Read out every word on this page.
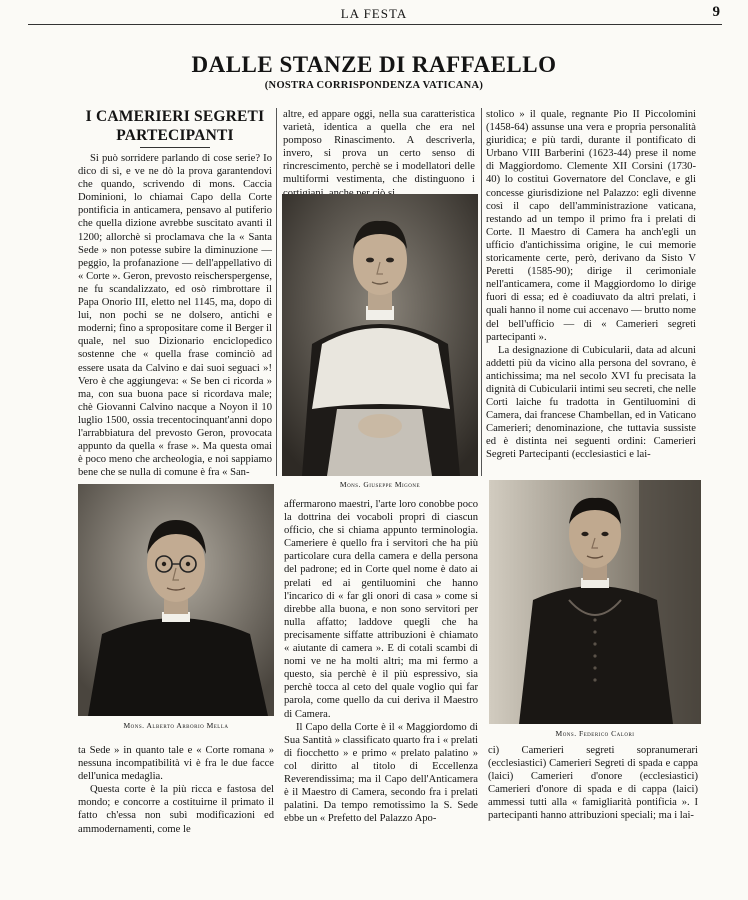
LA FESTA	9
DALLE STANZE DI RAFFAELLO
(NOSTRA CORRISPONDENZA VATICANA)
I CAMERIERI SEGRETI PARTECIPANTI

Si può sorridere parlando di cose serie? Io dico di sì, e ve ne dò la prova garantendovi che quando, scrivendo di mons. Caccia Dominioni, lo chiamai Capo della Corte pontificia in anticamera, pensavo al putiferio che quella dizione avrebbe suscitato avanti il 1200; allorchè si proclamava che la « Santa Sede » non potesse subire la diminuzione — peggio, la profanazione — dell'appellativo di « Corte ». Geron, prevosto reischerspergense, ne fu scandalizzato, ed osò rimbrottare il Papa Onorio III, eletto nel 1145, ma, dopo di lui, non pochi se ne dolsero, antichi e moderni; fino a spropositare come il Berger il quale, nel suo Dizionario enciclopedico sostenne che « quella frase cominciò ad essere usata da Calvino e dai suoi seguaci »! Vero è che aggiungeva: « Se ben ci ricorda » ma, con sua buona pace si ricordava male; chè Giovanni Calvino nacque a Noyon il 10 luglio 1500, ossia trecentocinquant'anni dopo l'arrabbiatura del prevosto Geron, provocata appunto da quella « frase ». Ma questa omai è poco meno che archeologia, e noi sappiamo bene che se nulla di comune è fra « San-

altre, ed appare oggi, nella sua caratteristica varietà, identica a quella che era nel pomposo Rinascimento. A descriverla, invero, si prova un certo senso di rincrescimento, perchè se i modellatori delle multiformi vestimenta, che distinguono i

Mons. Giuseppe Migone
Mons. Alberto Arborio Mella

ta Sede » in quanto tale e « Corte romana » nessuna incompatibilità vi è fra le due facce dell'unica medaglia.

Questa corte è la più ricca e fastosa del mondo; e concorre a costituirne il primato il fatto ch'essa non subì modificazioni ed ammodernamenti, come le

affermarono maestri, l'arte loro conobbe poco la dottrina dei vocaboli propri di ciascun officio, che si chiama appunto terminologia. Cameriere è quello fra i servitori che ha più particolare cura della camera e della persona del padrone; ed in Corte quel nome è dato ai prelati ed ai gentiluomini che hanno l'incarico di « far gli onori di casa » come si direbbe alla buona, e non sono servitori per nulla affatto; laddove quegli che ha precisamente siffatte attribuzioni è chiamato « aiutante di camera ». E di cotali scambi di nomi ve ne ha molti altri; ma mi fermo a questo, sia perchè è il più espressivo, sia perchè tocca al ceto del quale voglio qui far parola, come quello da cui deriva il Maestro di Camera.

Il Capo della Corte è il « Maggiordomo di Sua Santità » classificato quarto fra i « prelati di fiocchetto » e primo « prelato palatino » col diritto al titolo di Eccellenza Reverendissima; ma il Capo dell'Anticamera è il Maestro di Camera, secondo fra i prelati palatini. Da tempo remotissimo la S. Sede ebbe un « Prefetto del Palazzo Apo-

stolico » il quale, regnante Pio II Piccolomini (1458-64) assunse una vera e propria personalità giuridica; e più tardi, durante il pontificato di Urbano VIII Barberini (1623-44) prese il nome di Maggiordomo. Clemente XII Corsini (1730-40) lo costituì Governatore del Conclave, e gli concesse giurisdizione nel Palazzo: egli divenne così il capo dell'amministrazione vaticana, restando ad un tempo il primo fra i prelati di Corte. Il Maestro di Camera ha anch'egli un ufficio d'antichissima origine, le cui memorie storicamente certe, però, derivano da Sisto V Peretti (1585-90); dirige il cerimoniale nell'anticamera, come il Maggiordomo lo dirige fuori di essa; ed è coadiuvato da altri prelati, i quali hanno il nome cui accenavo — brutto nome del bell'ufficio — di « Camerieri segreti partecipanti ».

La designazione di Cubicularii, data ad alcuni addetti più da vicino alla persona del sovrano, è antichissima; ma nel secolo XVI fu precisata la dignità di Cubicularii intimi seu secreti, che nelle Corti laiche fu tradotta in Gentiluomini di Camera, dai francese Chambellan, ed in Vaticano Camerieri; denominazione, che tuttavia sussiste ed è distinta nei seguenti ordini: Camerieri Segreti Partecipanti (ecclesiastici e lai-

Mons. Federico Calori

ci) Camerieri segreti sopranumerari (ecclesiastici) Camerieri Segreti di spada e cappa (laici) Camerieri d'onore (ecclesiastici) Camerieri d'onore di spada e di cappa (laici) ammessi tutti alla « famigliarità pontificia ». I partecipanti hanno attribuzioni speciali; ma i lai-
